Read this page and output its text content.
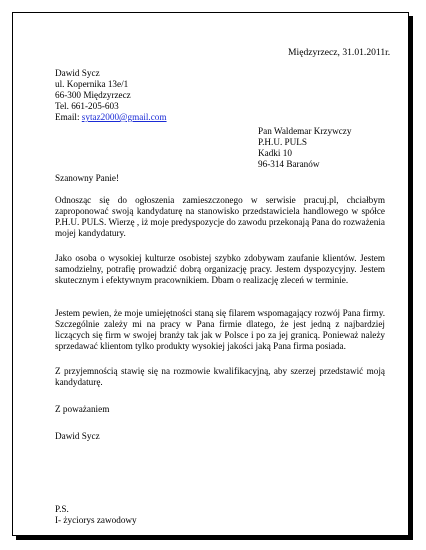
Międzyrzecz, 31.01.2011r.
Dawid Sycz
ul. Kopernika 13e/1
66-300 Międzyrzecz
Tel. 661-205-603
Email: sytaz2000@gmail.com
Pan Waldemar Krzywczy
P.H.U. PULS
Kadki 10
96-314 Baranów
Szanowny Panie!
Odnosząc się do ogłoszenia zamieszczonego w serwisie pracuj.pl, chciałbym zaproponować swoją kandydaturę na stanowisko przedstawiciela handlowego w spółce P.H.U. PULS. Wierzę , iż moje predyspozycje do zawodu przekonają Pana do rozważenia mojej kandydatury.
Jako osoba o wysokiej kulturze osobistej szybko zdobywam zaufanie klientów. Jestem samodzielny, potrafię prowadzić dobrą organizację pracy. Jestem dyspozycyjny. Jestem skutecznym i efektywnym pracownikiem. Dbam o realizację zleceń w terminie.
Jestem pewien, że moje umiejętności staną się filarem wspomagający rozwój Pana firmy. Szczególnie zależy mi na pracy w Pana firmie dlatego, że jest jedną z najbardziej liczących się firm w swojej branży tak jak w Polsce i po za jej granicą. Ponieważ należy sprzedawać klientom tylko produkty wysokiej jakości jaką Pana firma posiada.
Z przyjemnością stawię się na rozmowie kwalifikacyjną, aby szerzej przedstawić moją kandydaturę.
Z poważaniem
Dawid Sycz
P.S.
I- życiorys zawodowy
